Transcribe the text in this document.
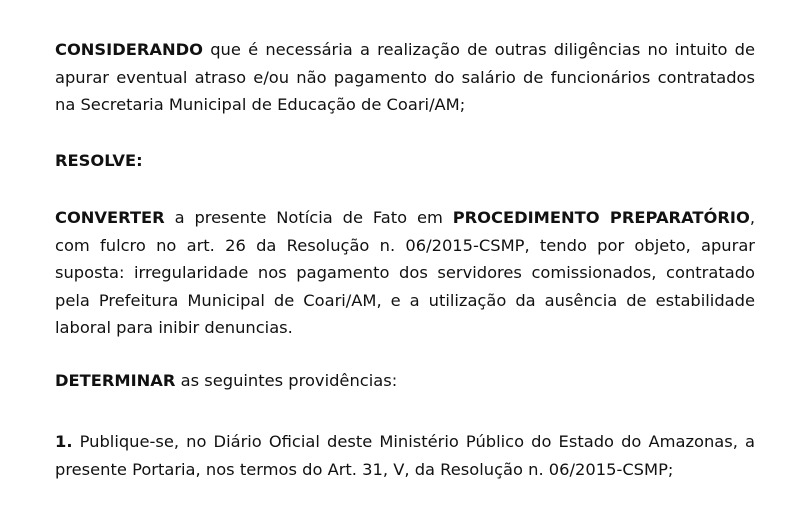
CONSIDERANDO que é necessária a realização de outras diligências no intuito de apurar eventual atraso e/ou não pagamento do salário de funcionários contratados na Secretaria Municipal de Educação de Coari/AM;

RESOLVE:

CONVERTER a presente Notícia de Fato em PROCEDIMENTO PREPARATÓRIO, com fulcro no art. 26 da Resolução n. 06/2015-CSMP, tendo por objeto, apurar suposta: irregularidade nos pagamento dos servidores comissionados, contratado pela Prefeitura Municipal de Coari/AM, e a utilização da ausência de estabilidade laboral para inibir denuncias.

DETERMINAR as seguintes providências:

1. Publique-se, no Diário Oficial deste Ministério Público do Estado do Amazonas, a presente Portaria, nos termos do Art. 31, V, da Resolução n. 06/2015-CSMP;
